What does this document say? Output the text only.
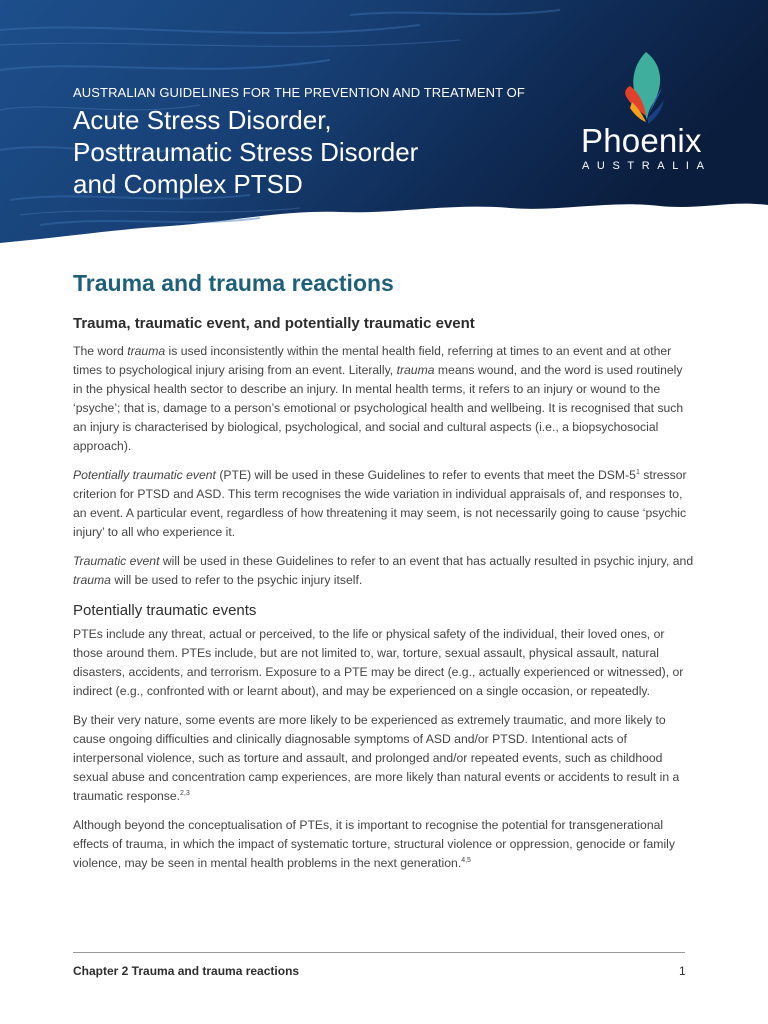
AUSTRALIAN GUIDELINES FOR THE PREVENTION AND TREATMENT OF
Acute Stress Disorder,
Posttraumatic Stress Disorder
and Complex PTSD
Phoenix
AUSTRALIA
Trauma and trauma reactions
Trauma, traumatic event, and potentially traumatic event

The word trauma is used inconsistently within the mental health field, referring at times to an event and at other times to psychological injury arising from an event. Literally, trauma means wound, and the word is used routinely in the physical health sector to describe an injury. In mental health terms, it refers to an injury or wound to the ‘psyche’; that is, damage to a person’s emotional or psychological health and wellbeing. It is recognised that such an injury is characterised by biological, psychological, and social and cultural aspects (i.e., a biopsychosocial approach).

Potentially traumatic event (PTE) will be used in these Guidelines to refer to events that meet the DSM-$5^1$ stressor criterion for PTSD and ASD. This term recognises the wide variation in individual appraisals of, and responses to, an event. A particular event, regardless of how threatening it may seem, is not necessarily going to cause ‘psychic injury’ to all who experience it.

Traumatic event will be used in these Guidelines to refer to an event that has actually resulted in psychic injury, and trauma will be used to refer to the psychic injury itself.

Potentially traumatic events

PTEs include any threat, actual or perceived, to the life or physical safety of the individual, their loved ones, or those around them. PTEs include, but are not limited to, war, torture, sexual assault, physical assault, natural disasters, accidents, and terrorism. Exposure to a PTE may be direct (e.g., actually experienced or witnessed), or indirect (e.g., confronted with or learnt about), and may be experienced on a single occasion, or repeatedly.

By their very nature, some events are more likely to be experienced as extremely traumatic, and more likely to cause ongoing difficulties and clinically diagnosable symptoms of ASD and/or PTSD. Intentional acts of interpersonal violence, such as torture and assault, and prolonged and/or repeated events, such as childhood sexual abuse and concentration camp experiences, are more likely than natural events or accidents to result in a traumatic response.$^{2,3}$

Although beyond the conceptualisation of PTEs, it is important to recognise the potential for transgenerational effects of trauma, in which the impact of systematic torture, structural violence or oppression, genocide or family violence, may be seen in mental health problems in the next generation.$^{4,5}$

Chapter 2 Trauma and trauma reactions	1
